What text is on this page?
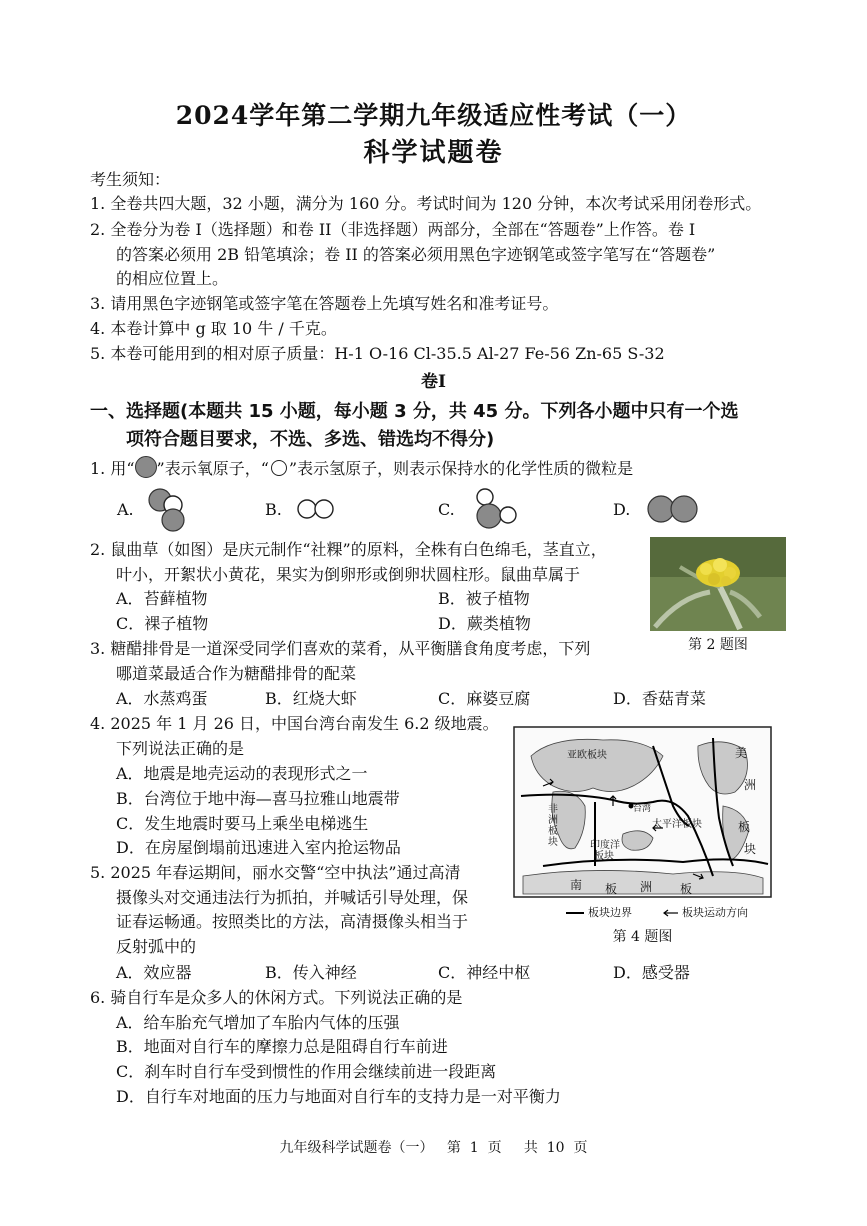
2024学年第二学期九年级适应性考试（一）
科学试题卷
考生须知：
1. 全卷共四大题，32 小题，满分为 160 分。考试时间为 120 分钟，本次考试采用闭卷形式。
2. 全卷分为卷 I（选择题）和卷 II（非选择题）两部分，全部在“答题卷”上作答。卷 I
的答案必须用 2B 铅笔填涂；卷 II 的答案必须用黑色字迹钢笔或签字笔写在“答题卷”
的相应位置上。
3. 请用黑色字迹钢笔或签字笔在答题卷上先填写姓名和准考证号。
4. 本卷计算中 g 取 10 牛 / 千克。
5. 本卷可能用到的相对原子质量：H-1 O-16 Cl-35.5 Al-27 Fe-56 Zn-65 S-32
卷I
一、选择题(本题共 15 小题，每小题 3 分，共 45 分。下列各小题中只有一个选
项符合题目要求，不选、多选、错选均不得分)
1. 用“ ”表示氧原子，“ ”表示氢原子，则表示保持水的化学性质的微粒是
A.	B.	C.	D.
2. 鼠曲草（如图）是庆元制作“社粿”的原料，全株有白色绵毛，茎直立，
叶小，开絮状小黄花，果实为倒卵形或倒卵状圆柱形。鼠曲草属于
A．苔藓植物	B．被子植物
C．裸子植物	D．蕨类植物
第 2 题图
3. 糖醋排骨是一道深受同学们喜欢的菜肴，从平衡膳食角度考虑，下列
哪道菜最适合作为糖醋排骨的配菜
A．水蒸鸡蛋	B．红烧大虾	C．麻婆豆腐	D．香菇青菜
4. 2025 年 1 月 26 日，中国台湾台南发生 6.2 级地震。
下列说法正确的是
A．地震是地壳运动的表现形式之一
B．台湾位于地中海—喜马拉雅山地震带
C．发生地震时要马上乘坐电梯逃生
D．在房屋倒塌前迅速进入室内抢运物品
亚欧板块	美
洲
非
洲
板
块
台湾
太平洋板块
印度洋
板块
板
块
南 板 洲 板
板块边界	板块运动方向
第 4 题图
5. 2025 年春运期间，丽水交警“空中执法”通过高清
摄像头对交通违法行为抓拍，并喊话引导处理，保
证春运畅通。按照类比的方法，高清摄像头相当于
反射弧中的
A．效应器	B．传入神经	C．神经中枢	D．感受器
6. 骑自行车是众多人的休闲方式。下列说法正确的是
A．给车胎充气增加了车胎内气体的压强
B．地面对自行车的摩擦力总是阻碍自行车前进
C．刹车时自行车受到惯性的作用会继续前进一段距离
D．自行车对地面的压力与地面对自行车的支持力是一对平衡力
九年级科学试题卷（一）   第  1  页     共  10  页
